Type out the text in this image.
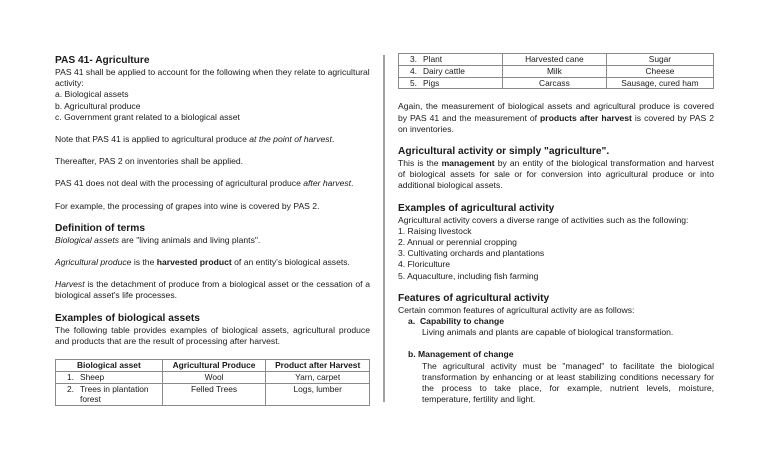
PAS 41- Agriculture

PAS 41 shall be applied to account for the following when they relate to agricultural activity:

a. Biological assets

b. Agricultural produce

c. Government grant related to a biological asset

Note that PAS 41 is applied to agricultural produce at the point of harvest.

Thereafter, PAS 2 on inventories shall be applied.

PAS 41 does not deal with the processing of agricultural produce after harvest.

For example, the processing of grapes into wine is covered by PAS 2.

Definition of terms

Biological assets are "living animals and living plants".

Agricultural produce is the harvested product of an entity's biological assets.

Harvest is the detachment of produce from a biological asset or the cessation of a biological asset's life processes.

Examples of biological assets

The following table provides examples of biological assets, agricultural produce and products that are the result of processing after harvest.

Biological asset	Agricultural Produce	Product after Harvest

1. Sheep	Wool	Yarn, carpet

2. Trees in plantation forest	Felled Trees	Logs, lumber
3. Plant	Harvested cane	Sugar

4. Dairy cattle	Milk	Cheese

5. Pigs	Carcass	Sausage, cured ham

Again, the measurement of biological assets and agricultural produce is covered by PAS 41 and the measurement of products after harvest is covered by PAS 2 on inventories.

Agricultural activity or simply "agriculture".

This is the management by an entity of the biological transformation and harvest of biological assets for sale or for conversion into agricultural produce or into additional biological assets.

Examples of agricultural activity

Agricultural activity covers a diverse range of activities such as the following:

1. Raising livestock

2. Annual or perennial cropping

3. Cultivating orchards and plantations

4. Floriculture

5. Aquaculture, including fish farming

Features of agricultural activity

Certain common features of agricultural activity are as follows:

a. Capability to change

Living animals and plants are capable of biological transformation.

b. Management of change

The agricultural activity must be "managed" to facilitate the biological transformation by enhancing or at least stabilizing conditions necessary for the process to take place, for example, nutrient levels, moisture, temperature, fertility and light.
